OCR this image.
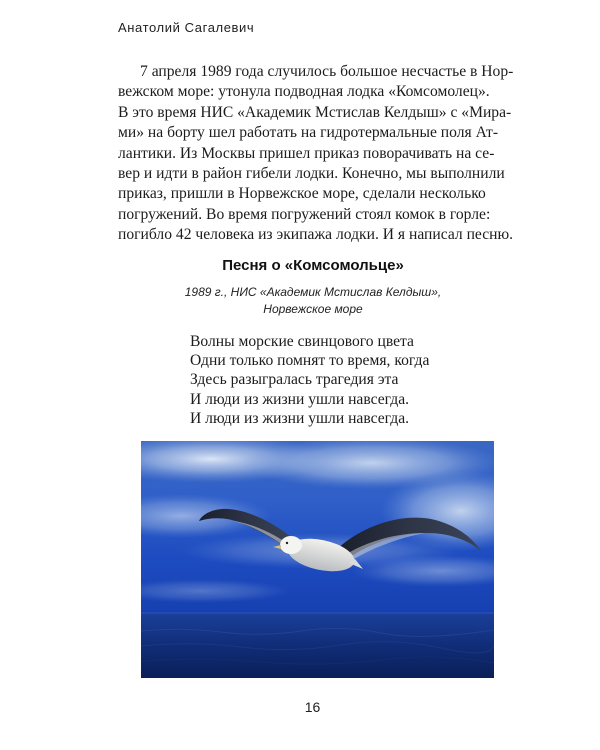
Анатолий Сагалевич
7 апреля 1989 года случилось большое несчастье в Нор-
вежском море: утонула подводная лодка «Комсомолец».
В это время НИС «Академик Мстислав Келдыш» с «Мира-
ми» на борту шел работать на гидротермальные поля Ат-
лантики. Из Москвы пришел приказ поворачивать на се-
вер и идти в район гибели лодки. Конечно, мы выполнили
приказ, пришли в Норвежское море, сделали несколько
погружений. Во время погружений стоял комок в горле:
погибло 42 человека из экипажа лодки. И я написал песню.
Песня о «Комсомольце»
1989 г., НИС «Академик Мстислав Келдыш»,
Норвежское море
Волны морские свинцового цвета
Одни только помнят то время, когда
Здесь разыгралась трагедия эта
И люди из жизни ушли навсегда.
И люди из жизни ушли навсегда.
16
